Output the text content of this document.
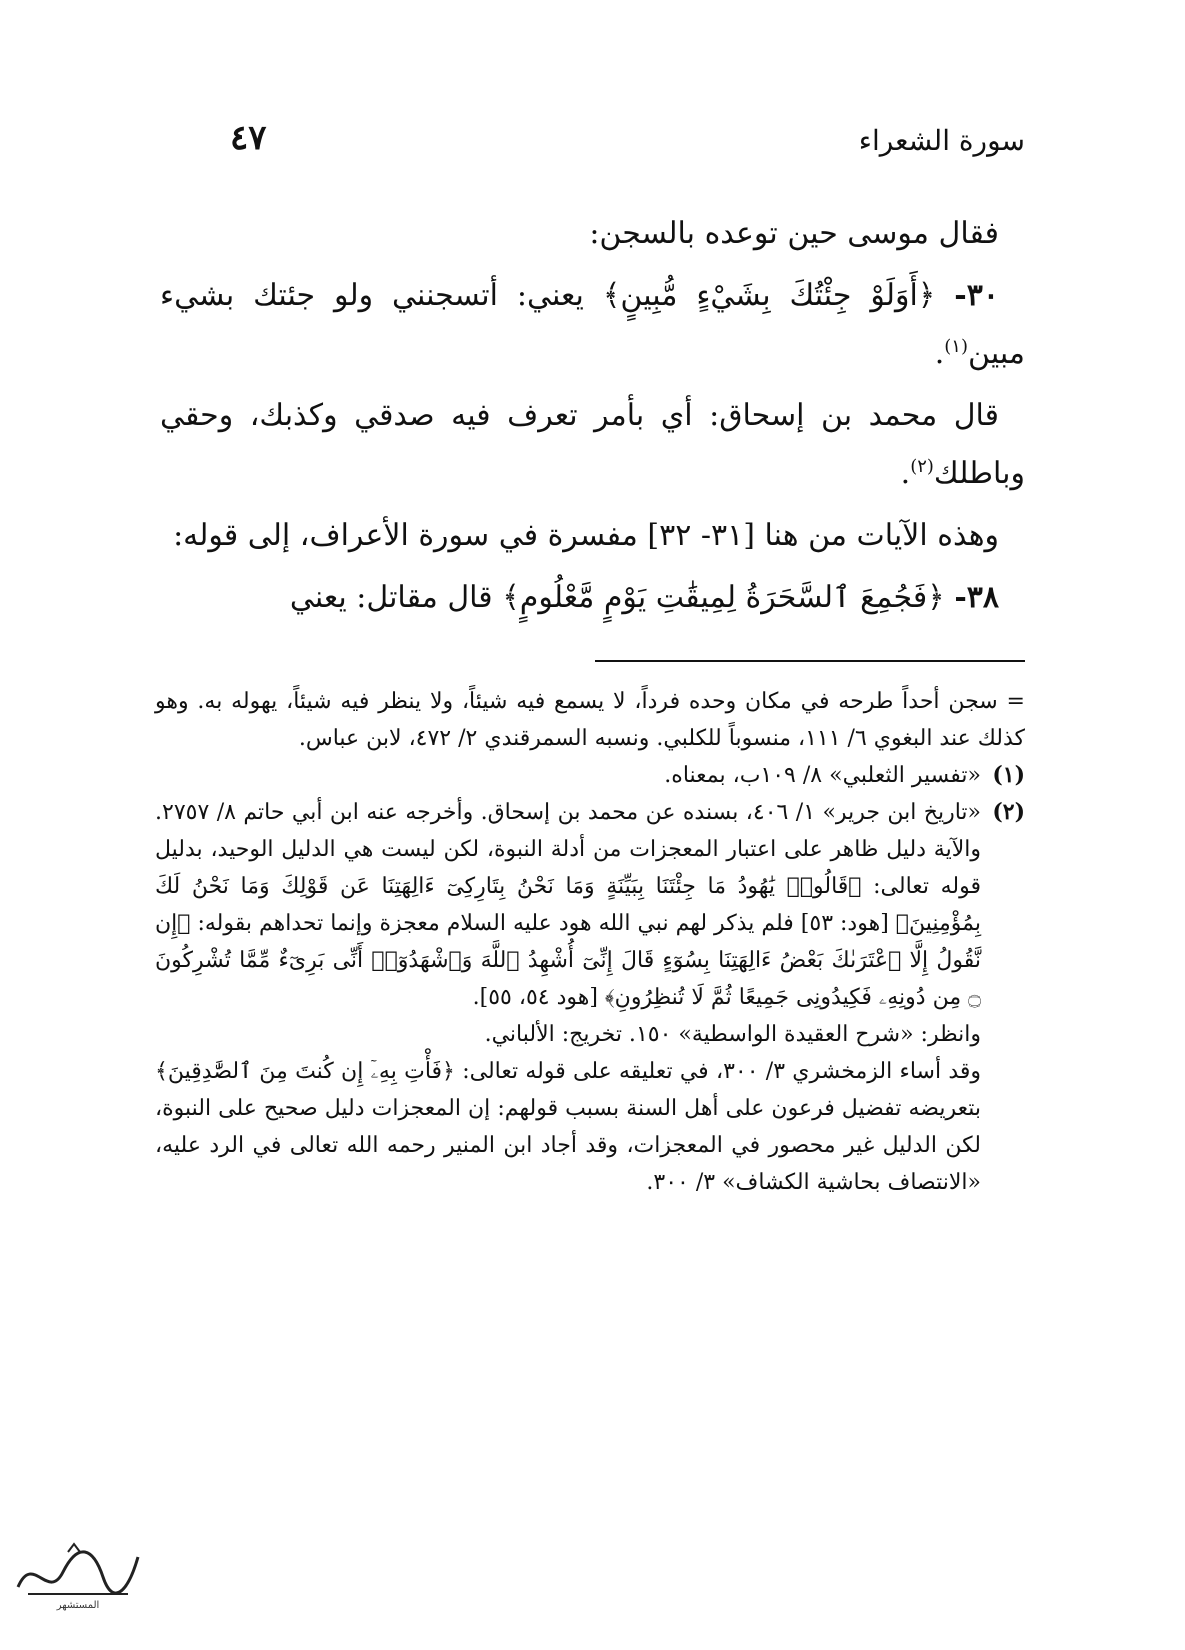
سورة الشعراء
٤٧

فقال موسى حين توعده بالسجن:

٣٠- ﴿أَوَلَوْ جِئْتُكَ بِشَيْءٍ مُّبِينٍ﴾ يعني: أتسجنني ولو جئتك بشيء مبين$^{(١)}$.

قال محمد بن إسحاق: أي بأمر تعرف فيه صدقي وكذبك، وحقي وباطلك$^{(٢)}$.

وهذه الآيات من هنا [٣١- ٣٢] مفسرة في سورة الأعراف، إلى قوله:

٣٨- ﴿فَجُمِعَ ٱلسَّحَرَةُ لِمِيقَٰتِ يَوْمٍ مَّعْلُومٍ﴾ قال مقاتل: يعني

= سجن أحداً طرحه في مكان وحده فرداً، لا يسمع فيه شيئاً، ولا ينظر فيه شيئاً، يهوله به. وهو كذلك عند البغوي ٦/ ١١١، منسوباً للكلبي. ونسبه السمرقندي ٢/ ٤٧٢، لابن عباس.

(١)«تفسير الثعلبي» ٨/ ١٠٩ب، بمعناه.

(٢)«تاريخ ابن جرير» ١/ ٤٠٦، بسنده عن محمد بن إسحاق. وأخرجه عنه ابن أبي حاتم ٨/ ٢٧٥٧. والآية دليل ظاهر على اعتبار المعجزات من أدلة النبوة، لكن ليست هي الدليل الوحيد، بدليل قوله تعالى: ﴿قَالُوا۟ يَٰهُودُ مَا جِئْتَنَا بِبَيِّنَةٍ وَمَا نَحْنُ بِتَارِكِىٓ ءَالِهَتِنَا عَن قَوْلِكَ وَمَا نَحْنُ لَكَ بِمُؤْمِنِينَ﴾ [هود: ٥٣] فلم يذكر لهم نبي الله هود عليه السلام معجزة وإنما تحداهم بقوله: ﴿إِن نَّقُولُ إِلَّا ٱعْتَرَىٰكَ بَعْضُ ءَالِهَتِنَا بِسُوٓءٍ قَالَ إِنِّىٓ أُشْهِدُ ٱللَّهَ وَٱشْهَدُوٓا۟ أَنِّى بَرِىٓءٌ مِّمَّا تُشْرِكُونَ ۝ مِن دُونِهِۦ فَكِيدُونِى جَمِيعًا ثُمَّ لَا تُنظِرُونِ﴾ [هود ٥٤، ٥٥].

وانظر: «شرح العقيدة الواسطية» ١٥٠. تخريج: الألباني.

وقد أساء الزمخشري ٣/ ٣٠٠، في تعليقه على قوله تعالى: ﴿فَأْتِ بِهِۦٓ إِن كُنتَ مِنَ ٱلصَّٰدِقِينَ﴾ بتعريضه تفضيل فرعون على أهل السنة بسبب قولهم: إن المعجزات دليل صحيح على النبوة، لكن الدليل غير محصور في المعجزات، وقد أجاد ابن المنير رحمه الله تعالى في الرد عليه، «الانتصاف بحاشية الكشاف» ٣/ ٣٠٠.

المستشهر
